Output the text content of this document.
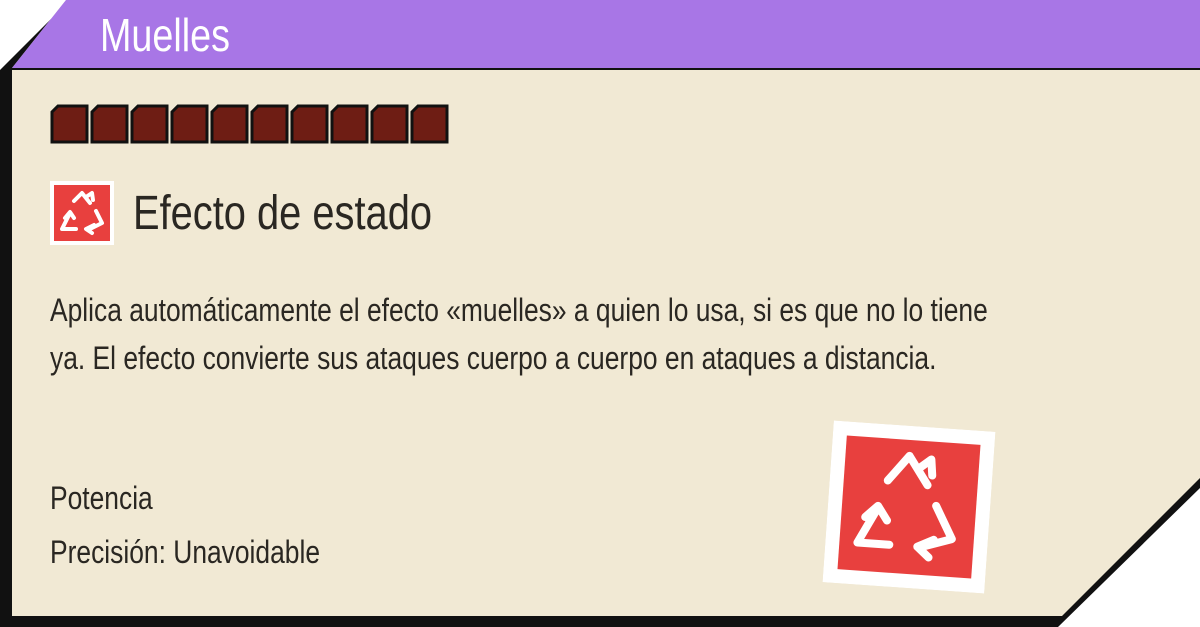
Muelles
Efecto de estado
Aplica automáticamente el efecto «muelles» a quien lo usa, si es que no lo tiene
ya. El efecto convierte sus ataques cuerpo a cuerpo en ataques a distancia.
Potencia
Precisión: Unavoidable
